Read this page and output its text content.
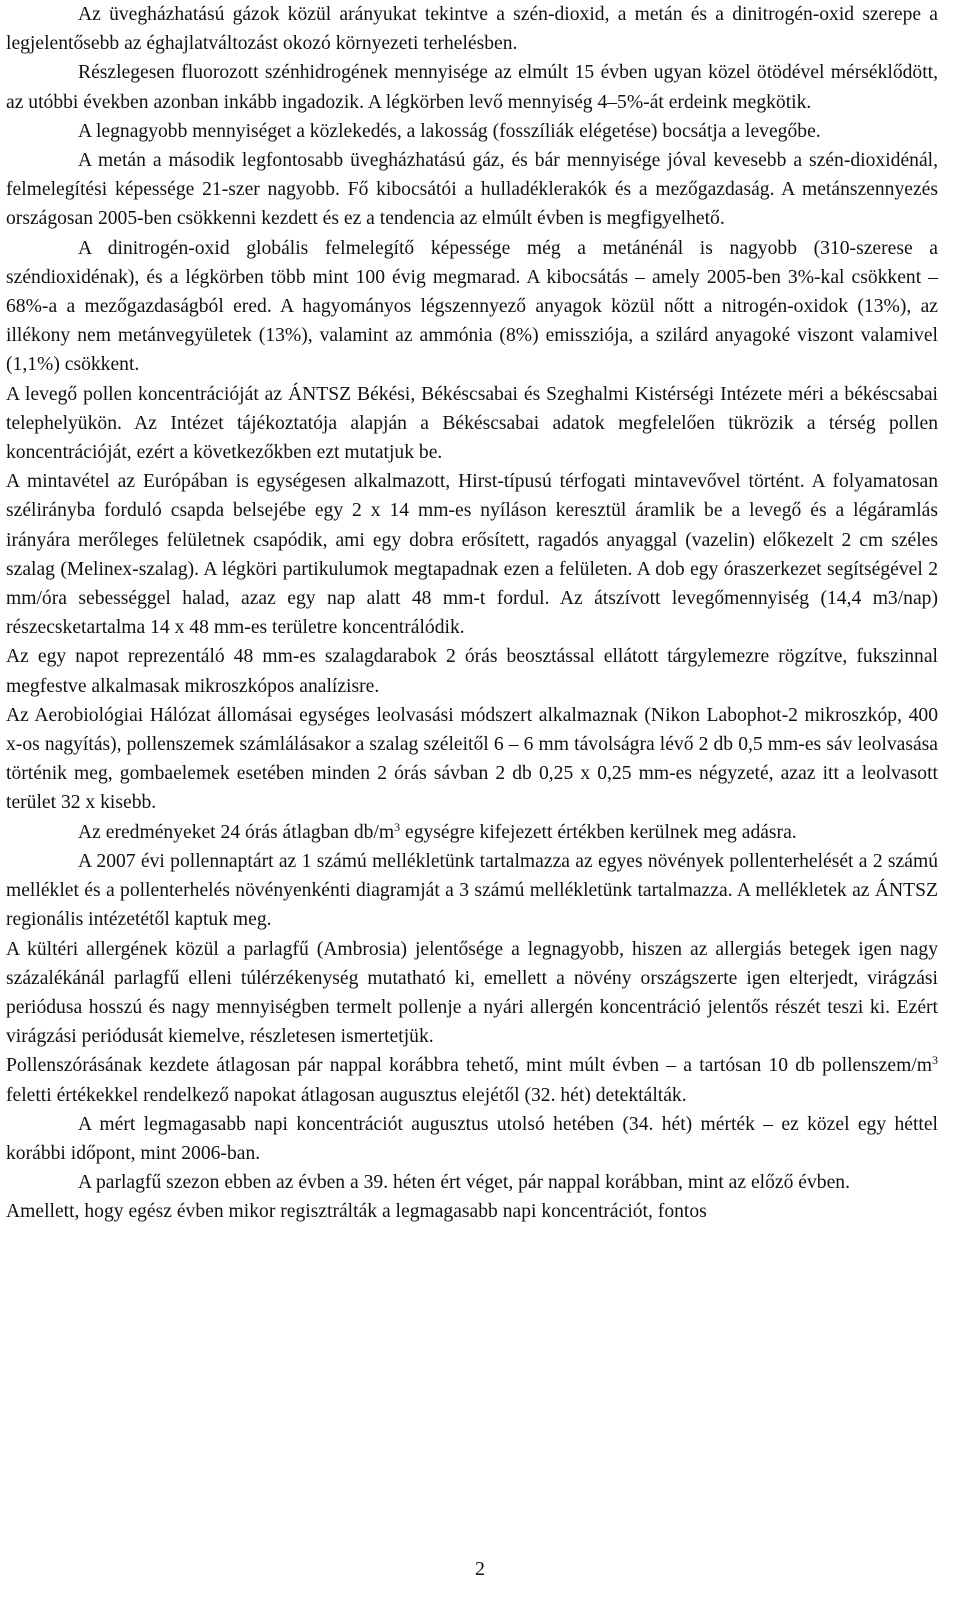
Az üvegházhatású gázok közül arányukat tekintve a szén-dioxid, a metán és a dinitrogén-oxid szerepe a legjelentősebb az éghajlatváltozást okozó környezeti terhelésben.

Részlegesen fluorozott szénhidrogének mennyisége az elmúlt 15 évben ugyan közel ötödével mérséklődött, az utóbbi években azonban inkább ingadozik. A légkörben levő mennyiség 4–5%-át erdeink megkötik.

A legnagyobb mennyiséget a közlekedés, a lakosság (fosszíliák elégetése) bocsátja a levegőbe.

A metán a második legfontosabb üvegházhatású gáz, és bár mennyisége jóval kevesebb a szén-dioxidénál, felmelegítési képessége 21-szer nagyobb. Fő kibocsátói a hulladéklerakók és a mezőgazdaság. A metánszennyezés országosan 2005-ben csökkenni kezdett és ez a tendencia az elmúlt évben is megfigyelhető.

A dinitrogén-oxid globális felmelegítő képessége még a metánénál is nagyobb (310-szerese a széndioxidénak), és a légkörben több mint 100 évig megmarad. A kibocsátás – amely 2005-ben 3%-kal csökkent – 68%-a a mezőgazdaságból ered. A hagyományos légszennyező anyagok közül nőtt a nitrogén-oxidok (13%), az illékony nem metánvegyületek (13%), valamint az ammónia (8%) emissziója, a szilárd anyagoké viszont valamivel (1,1%) csökkent.

A levegő pollen koncentrációját az ÁNTSZ Békési, Békéscsabai és Szeghalmi Kistérségi Intézete méri a békéscsabai telephelyükön. Az Intézet tájékoztatója alapján a Békéscsabai adatok megfelelően tükrözik a térség pollen koncentrációját, ezért a következőkben ezt mutatjuk be.

A mintavétel az Európában is egységesen alkalmazott, Hirst-típusú térfogati mintavevővel történt. A folyamatosan szélirányba forduló csapda belsejébe egy 2 x 14 mm-es nyíláson keresztül áramlik be a levegő és a légáramlás irányára merőleges felületnek csapódik, ami egy dobra erősített, ragadós anyaggal (vazelin) előkezelt 2 cm széles szalag (Melinex-szalag). A légköri partikulumok megtapadnak ezen a felületen. A dob egy óraszerkezet segítségével 2 mm/óra sebességgel halad, azaz egy nap alatt 48 mm-t fordul. Az átszívott levegőmennyiség (14,4 m3/nap) részecsketartalma 14 x 48 mm-es területre koncentrálódik.

Az egy napot reprezentáló 48 mm-es szalagdarabok 2 órás beosztással ellátott tárgylemezre rögzítve, fukszinnal megfestve alkalmasak mikroszkópos analízisre.

Az Aerobiológiai Hálózat állomásai egységes leolvasási módszert alkalmaznak (Nikon Labophot-2 mikroszkóp, 400 x-os nagyítás), pollenszemek számlálásakor a szalag széleitől 6 – 6 mm távolságra lévő 2 db 0,5 mm-es sáv leolvasása történik meg, gombaelemek esetében minden 2 órás sávban 2 db 0,25 x 0,25 mm-es négyzeté, azaz itt a leolvasott terület 32 x kisebb.

Az eredményeket 24 órás átlagban $db/m^3$ egységre kifejezett értékben kerülnek meg adásra.

A 2007 évi pollennaptárt az 1 számú mellékletünk tartalmazza az egyes növények pollenterhelését a 2 számú melléklet és a pollenterhelés növényenkénti diagramját a 3 számú mellékletünk tartalmazza. A mellékletek az ÁNTSZ regionális intézetétől kaptuk meg.

A kültéri allergének közül a parlagfű (Ambrosia) jelentősége a legnagyobb, hiszen az allergiás betegek igen nagy százalékánál parlagfű elleni túlérzékenység mutatható ki, emellett a növény országszerte igen elterjedt, virágzási periódusa hosszú és nagy mennyiségben termelt pollenje a nyári allergén koncentráció jelentős részét teszi ki. Ezért virágzási periódusát kiemelve, részletesen ismertetjük.

Pollenszórásának kezdete átlagosan pár nappal korábbra tehető, mint múlt évben – a tartósan 10 db pollenszem/$m^3$ feletti értékekkel rendelkező napokat átlagosan augusztus elejétől (32. hét) detektálták.

A mért legmagasabb napi koncentrációt augusztus utolsó hetében (34. hét) mérték – ez közel egy héttel korábbi időpont, mint 2006-ban.

A parlagfű szezon ebben az évben a 39. héten ért véget, pár nappal korábban, mint az előző évben.

Amellett, hogy egész évben mikor regisztrálták a legmagasabb napi koncentrációt, fontos

2
